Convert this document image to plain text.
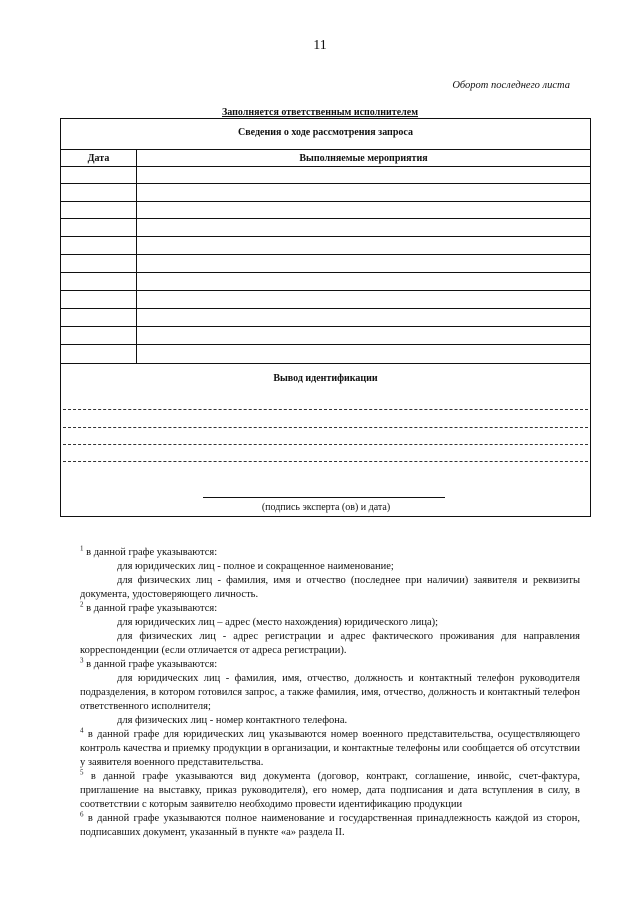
11
Оборот последнего листа
Заполняется ответственным исполнителем
Сведения о ходе рассмотрения запроса
Дата	Выполняемые мероприятия
Вывод идентификации
(подпись эксперта (ов) и дата)

$^1$ в данной графе указываются:

для юридических лиц - полное и сокращенное наименование;

для физических лиц - фамилия, имя и отчество (последнее при наличии) заявителя и реквизиты документа, удостоверяющего личность.

$^2$ в данной графе указываются:

для юридических лиц – адрес (место нахождения) юридического лица);

для физических лиц - адрес регистрации и адрес фактического проживания для направления корреспонденции (если отличается от адреса регистрации).

$^3$ в данной графе указываются:

для юридических лиц - фамилия, имя, отчество, должность и контактный телефон руководителя подразделения, в котором готовился запрос, а также фамилия, имя, отчество, должность и контактный телефон ответственного исполнителя;

для физических лиц - номер контактного телефона.

$^4$ в данной графе для юридических лиц указываются номер военного представительства, осуществляющего контроль качества и приемку продукции в организации, и контактные телефоны или сообщается об отсутствии у заявителя военного представительства.

$^5$ в данной графе указываются вид документа (договор, контракт, соглашение, инвойс, счет-фактура, приглашение на выставку, приказ руководителя), его номер, дата подписания и дата вступления в силу, в соответствии с которым заявителю необходимо провести идентификацию продукции

$^6$ в данной графе указываются полное наименование и государственная принадлежность каждой из сторон, подписавших документ, указанный в пункте «а» раздела II.
